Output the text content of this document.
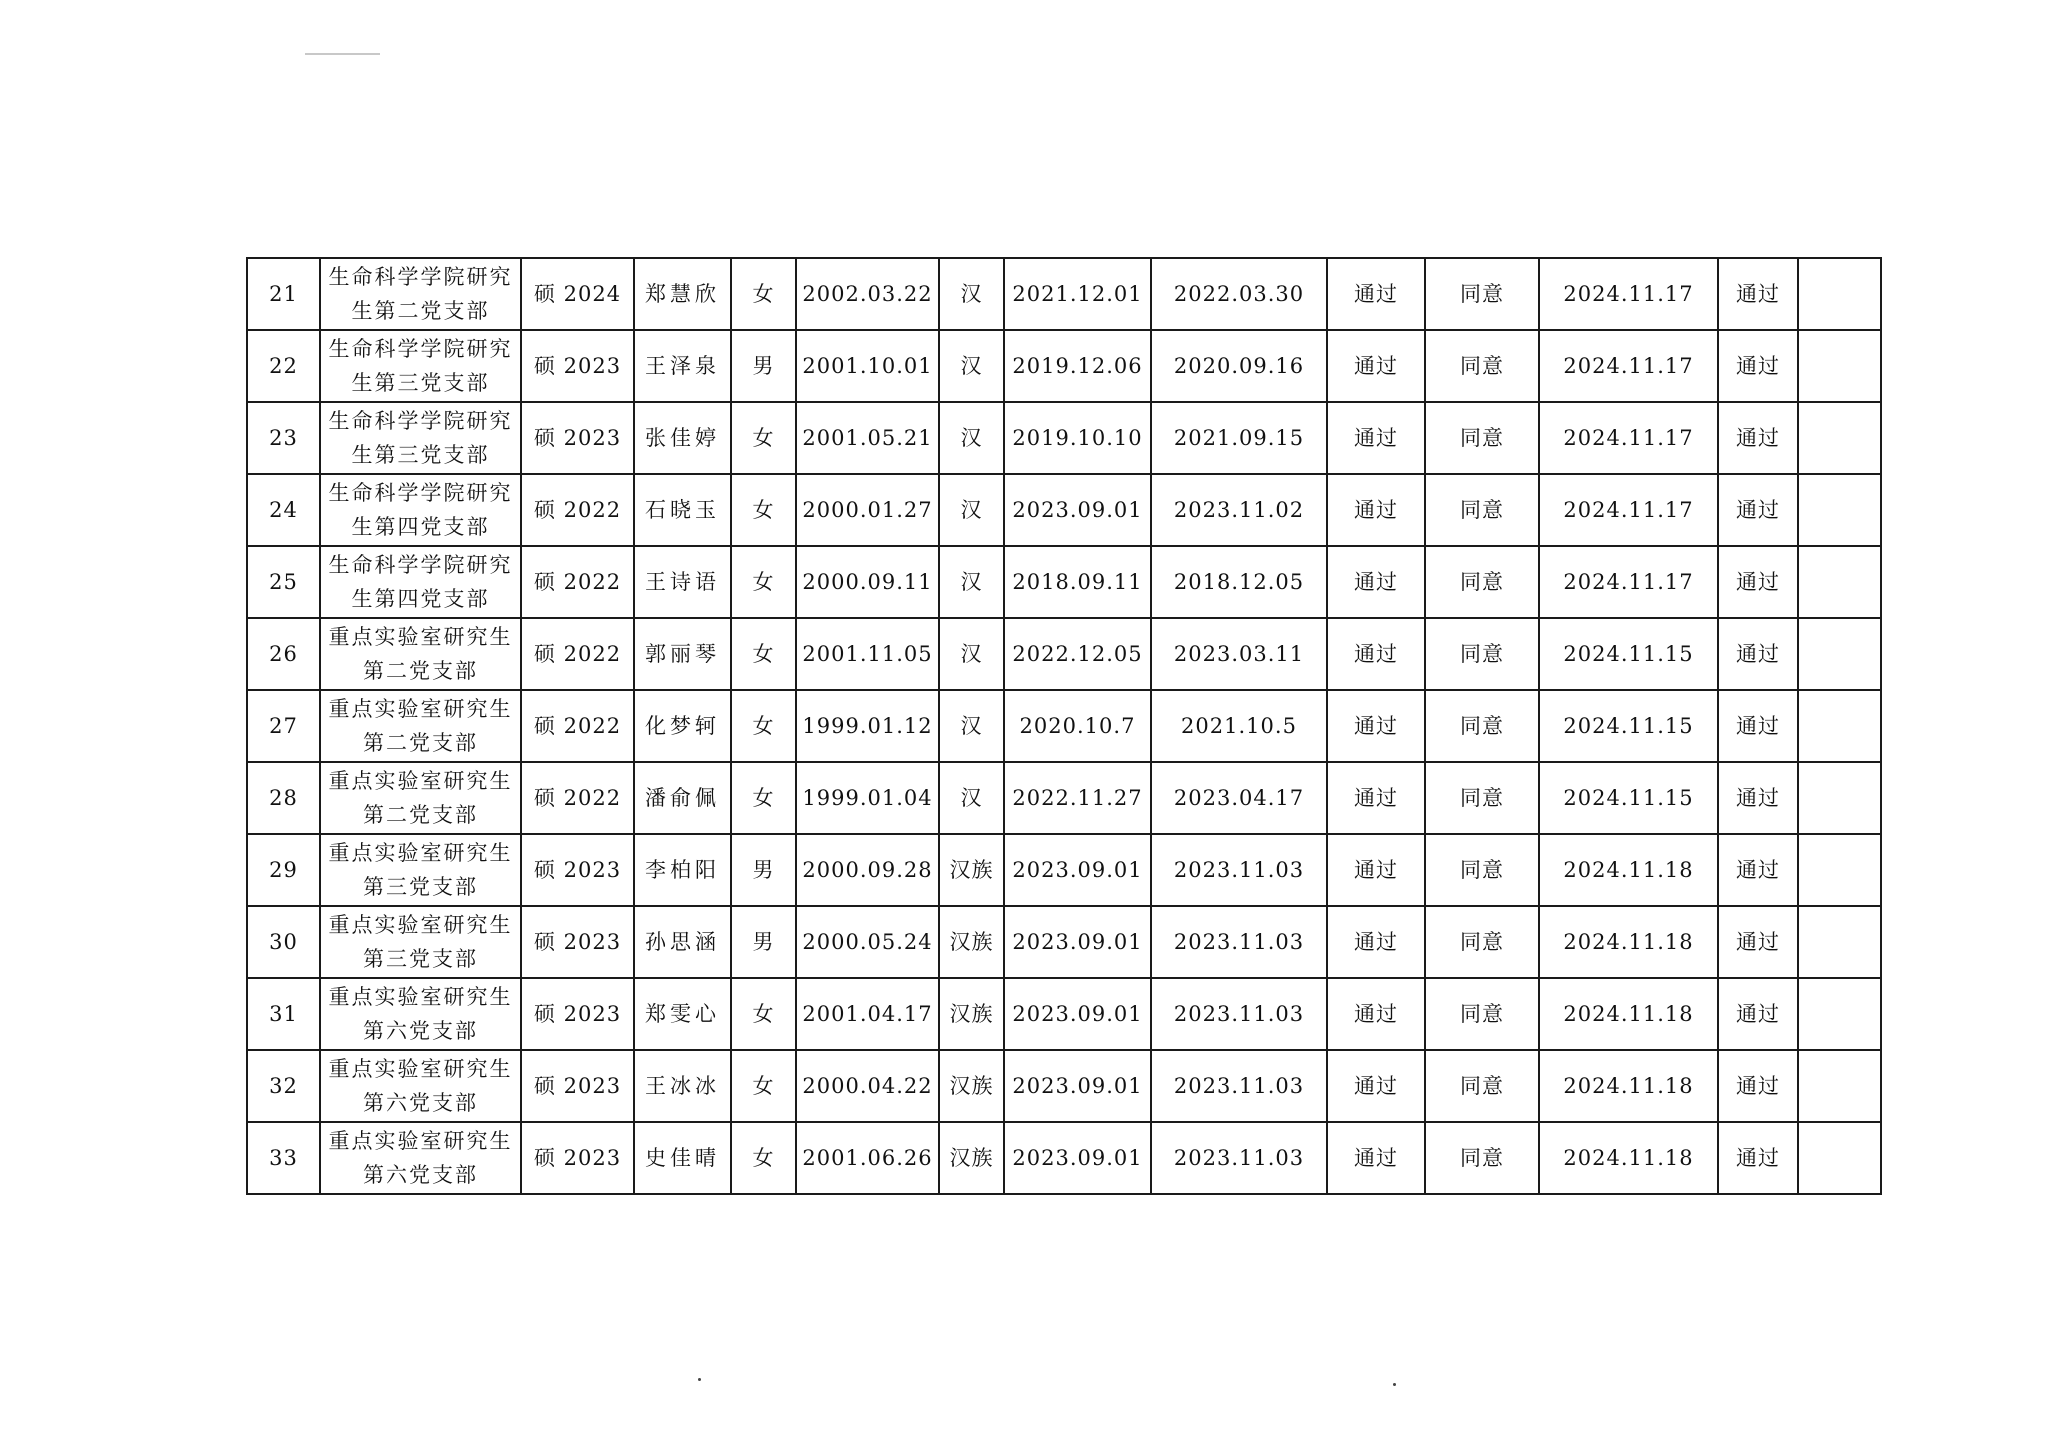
21	生命科学学院研究生第二党支部	硕 2024	郑慧欣	女	2002.03.22	汉	2021.12.01	2022.03.30	通过	同意	2024.11.17	通过	
22	生命科学学院研究生第三党支部	硕 2023	王泽泉	男	2001.10.01	汉	2019.12.06	2020.09.16	通过	同意	2024.11.17	通过	
23	生命科学学院研究生第三党支部	硕 2023	张佳婷	女	2001.05.21	汉	2019.10.10	2021.09.15	通过	同意	2024.11.17	通过	
24	生命科学学院研究生第四党支部	硕 2022	石晓玉	女	2000.01.27	汉	2023.09.01	2023.11.02	通过	同意	2024.11.17	通过	
25	生命科学学院研究生第四党支部	硕 2022	王诗语	女	2000.09.11	汉	2018.09.11	2018.12.05	通过	同意	2024.11.17	通过	
26	重点实验室研究生第二党支部	硕 2022	郭丽琴	女	2001.11.05	汉	2022.12.05	2023.03.11	通过	同意	2024.11.15	通过	
27	重点实验室研究生第二党支部	硕 2022	化梦轲	女	1999.01.12	汉	2020.10.7	2021.10.5	通过	同意	2024.11.15	通过	
28	重点实验室研究生第二党支部	硕 2022	潘俞佩	女	1999.01.04	汉	2022.11.27	2023.04.17	通过	同意	2024.11.15	通过	
29	重点实验室研究生第三党支部	硕 2023	李柏阳	男	2000.09.28	汉族	2023.09.01	2023.11.03	通过	同意	2024.11.18	通过	
30	重点实验室研究生第三党支部	硕 2023	孙思涵	男	2000.05.24	汉族	2023.09.01	2023.11.03	通过	同意	2024.11.18	通过	
31	重点实验室研究生第六党支部	硕 2023	郑雯心	女	2001.04.17	汉族	2023.09.01	2023.11.03	通过	同意	2024.11.18	通过	
32	重点实验室研究生第六党支部	硕 2023	王冰冰	女	2000.04.22	汉族	2023.09.01	2023.11.03	通过	同意	2024.11.18	通过	
33	重点实验室研究生第六党支部	硕 2023	史佳晴	女	2001.06.26	汉族	2023.09.01	2023.11.03	通过	同意	2024.11.18	通过	
